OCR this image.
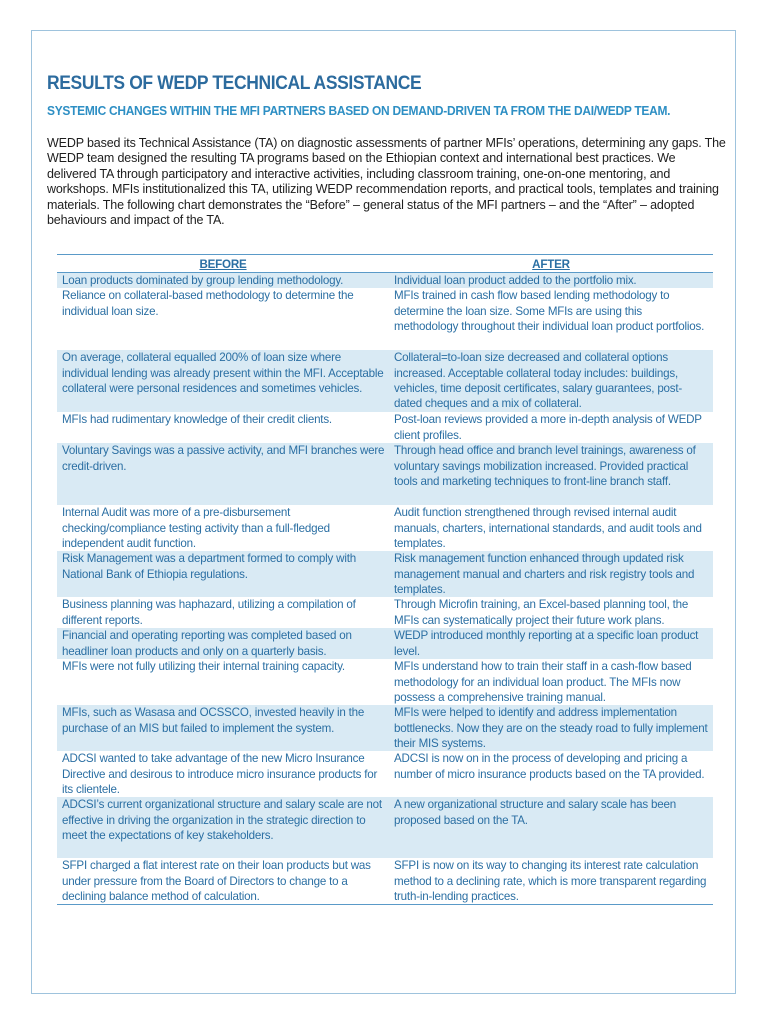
RESULTS OF WEDP TECHNICAL ASSISTANCE
SYSTEMIC CHANGES WITHIN THE MFI PARTNERS BASED ON DEMAND-DRIVEN TA FROM THE DAI/WEDP TEAM.

WEDP based its Technical Assistance (TA) on diagnostic assessments of partner MFIs’ operations, determining any gaps. The WEDP team designed the resulting TA programs based on the Ethiopian context and international best practices. We delivered TA through participatory and interactive activities, including classroom training, one-on-one mentoring, and workshops. MFIs institutionalized this TA, utilizing WEDP recommendation reports, and practical tools, templates and training materials. The following chart demonstrates the “Before” – general status of the MFI partners – and the “After” – adopted behaviours and impact of the TA.

BEFORE	AFTER
Loan products dominated by group lending methodology.	Individual loan product added to the portfolio mix.
Reliance on collateral-based methodology to determine the individual loan size.	MFIs trained in cash flow based lending methodology to determine the loan size. Some MFIs are using this methodology throughout their individual loan product portfolios.
On average, collateral equalled 200% of loan size where individual lending was already present within the MFI. Acceptable collateral were personal residences and sometimes vehicles.	Collateral=to-loan size decreased and collateral options increased. Acceptable collateral today includes: buildings, vehicles, time deposit certificates, salary guarantees, post-dated cheques and a mix of collateral.
MFIs had rudimentary knowledge of their credit clients.	Post-loan reviews provided a more in-depth analysis of WEDP client profiles.
Voluntary Savings was a passive activity, and MFI branches were credit-driven.	Through head office and branch level trainings, awareness of voluntary savings mobilization increased. Provided practical tools and marketing techniques to front-line branch staff.
Internal Audit was more of a pre-disbursement checking/compliance testing activity than a full-fledged independent audit function.	Audit function strengthened through revised internal audit manuals, charters, international standards, and audit tools and templates.
Risk Management was a department formed to comply with National Bank of Ethiopia regulations.	Risk management function enhanced through updated risk management manual and charters and risk registry tools and templates.
Business planning was haphazard, utilizing a compilation of different reports.	Through Microfin training, an Excel-based planning tool, the MFIs can systematically project their future work plans.
Financial and operating reporting was completed based on headliner loan products and only on a quarterly basis.	WEDP introduced monthly reporting at a specific loan product level.
MFIs were not fully utilizing their internal training capacity.	MFIs understand how to train their staff in a cash-flow based methodology for an individual loan product. The MFIs now possess a comprehensive training manual.
MFIs, such as Wasasa and OCSSCO, invested heavily in the purchase of an MIS but failed to implement the system.	MFIs were helped to identify and address implementation bottlenecks. Now they are on the steady road to fully implement their MIS systems.
ADCSI wanted to take advantage of the new Micro Insurance Directive and desirous to introduce micro insurance products for its clientele.	ADCSI is now on in the process of developing and pricing a number of micro insurance products based on the TA provided.
ADCSI’s current organizational structure and salary scale are not effective in driving the organization in the strategic direction to meet the expectations of key stakeholders.	A new organizational structure and salary scale has been proposed based on the TA.
SFPI charged a flat interest rate on their loan products but was under pressure from the Board of Directors to change to a declining balance method of calculation.	SFPI is now on its way to changing its interest rate calculation method to a declining rate, which is more transparent regarding truth-in-lending practices.
